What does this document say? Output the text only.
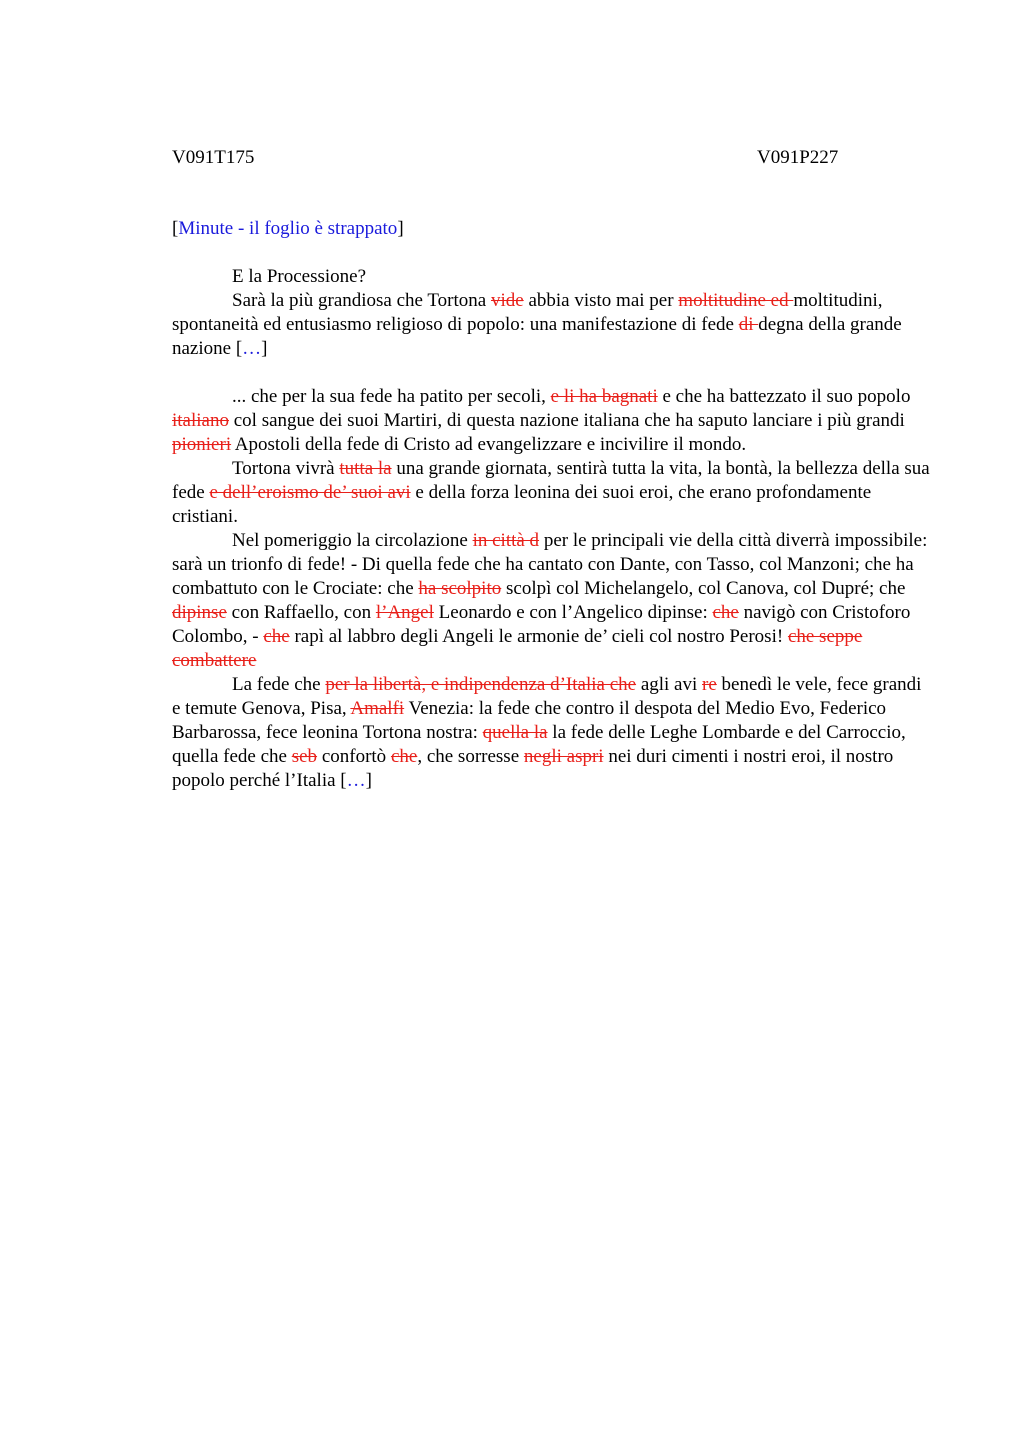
V091T175	V091P227
[Minute - il foglio è strappato]

E la Processione?

Sarà la più grandiosa che Tortona vide abbia visto mai per moltitudine ed moltitudini, spontaneità ed entusiasmo religioso di popolo: una manifestazione di fede di degna della grande nazione […]

... che per la sua fede ha patito per secoli, e li ha bagnati e che ha battezzato il suo popolo italiano col sangue dei suoi Martiri, di questa nazione italiana che ha saputo lanciare i più grandi pionieri Apostoli della fede di Cristo ad evangelizzare e incivilire il mondo.

Tortona vivrà tutta la una grande giornata, sentirà tutta la vita, la bontà, la bellezza della sua fede e dell’eroismo de’ suoi avi e della forza leonina dei suoi eroi, che erano profondamente cristiani.

Nel pomeriggio la circolazione in città d per le principali vie della città diverrà impossibile: sarà un trionfo di fede! - Di quella fede che ha cantato con Dante, con Tasso, col Manzoni; che ha combattuto con le Crociate: che ha scolpito scolpì col Michelangelo, col Canova, col Dupré; che dipinse con Raffaello, con l’Angel Leonardo e con l’Angelico dipinse: che navigò con Cristoforo Colombo, - che rapì al labbro degli Angeli le armonie de’ cieli col nostro Perosi! che seppe combattere

La fede che per la libertà, e indipendenza d’Italia che agli avi re benedì le vele, fece grandi e temute Genova, Pisa, Amalfi Venezia: la fede che contro il despota del Medio Evo, Federico Barbarossa, fece leonina Tortona nostra: quella la la fede delle Leghe Lombarde e del Carroccio, quella fede che seb confortò che, che sorresse negli aspri nei duri cimenti i nostri eroi, il nostro popolo perché l’Italia […]
